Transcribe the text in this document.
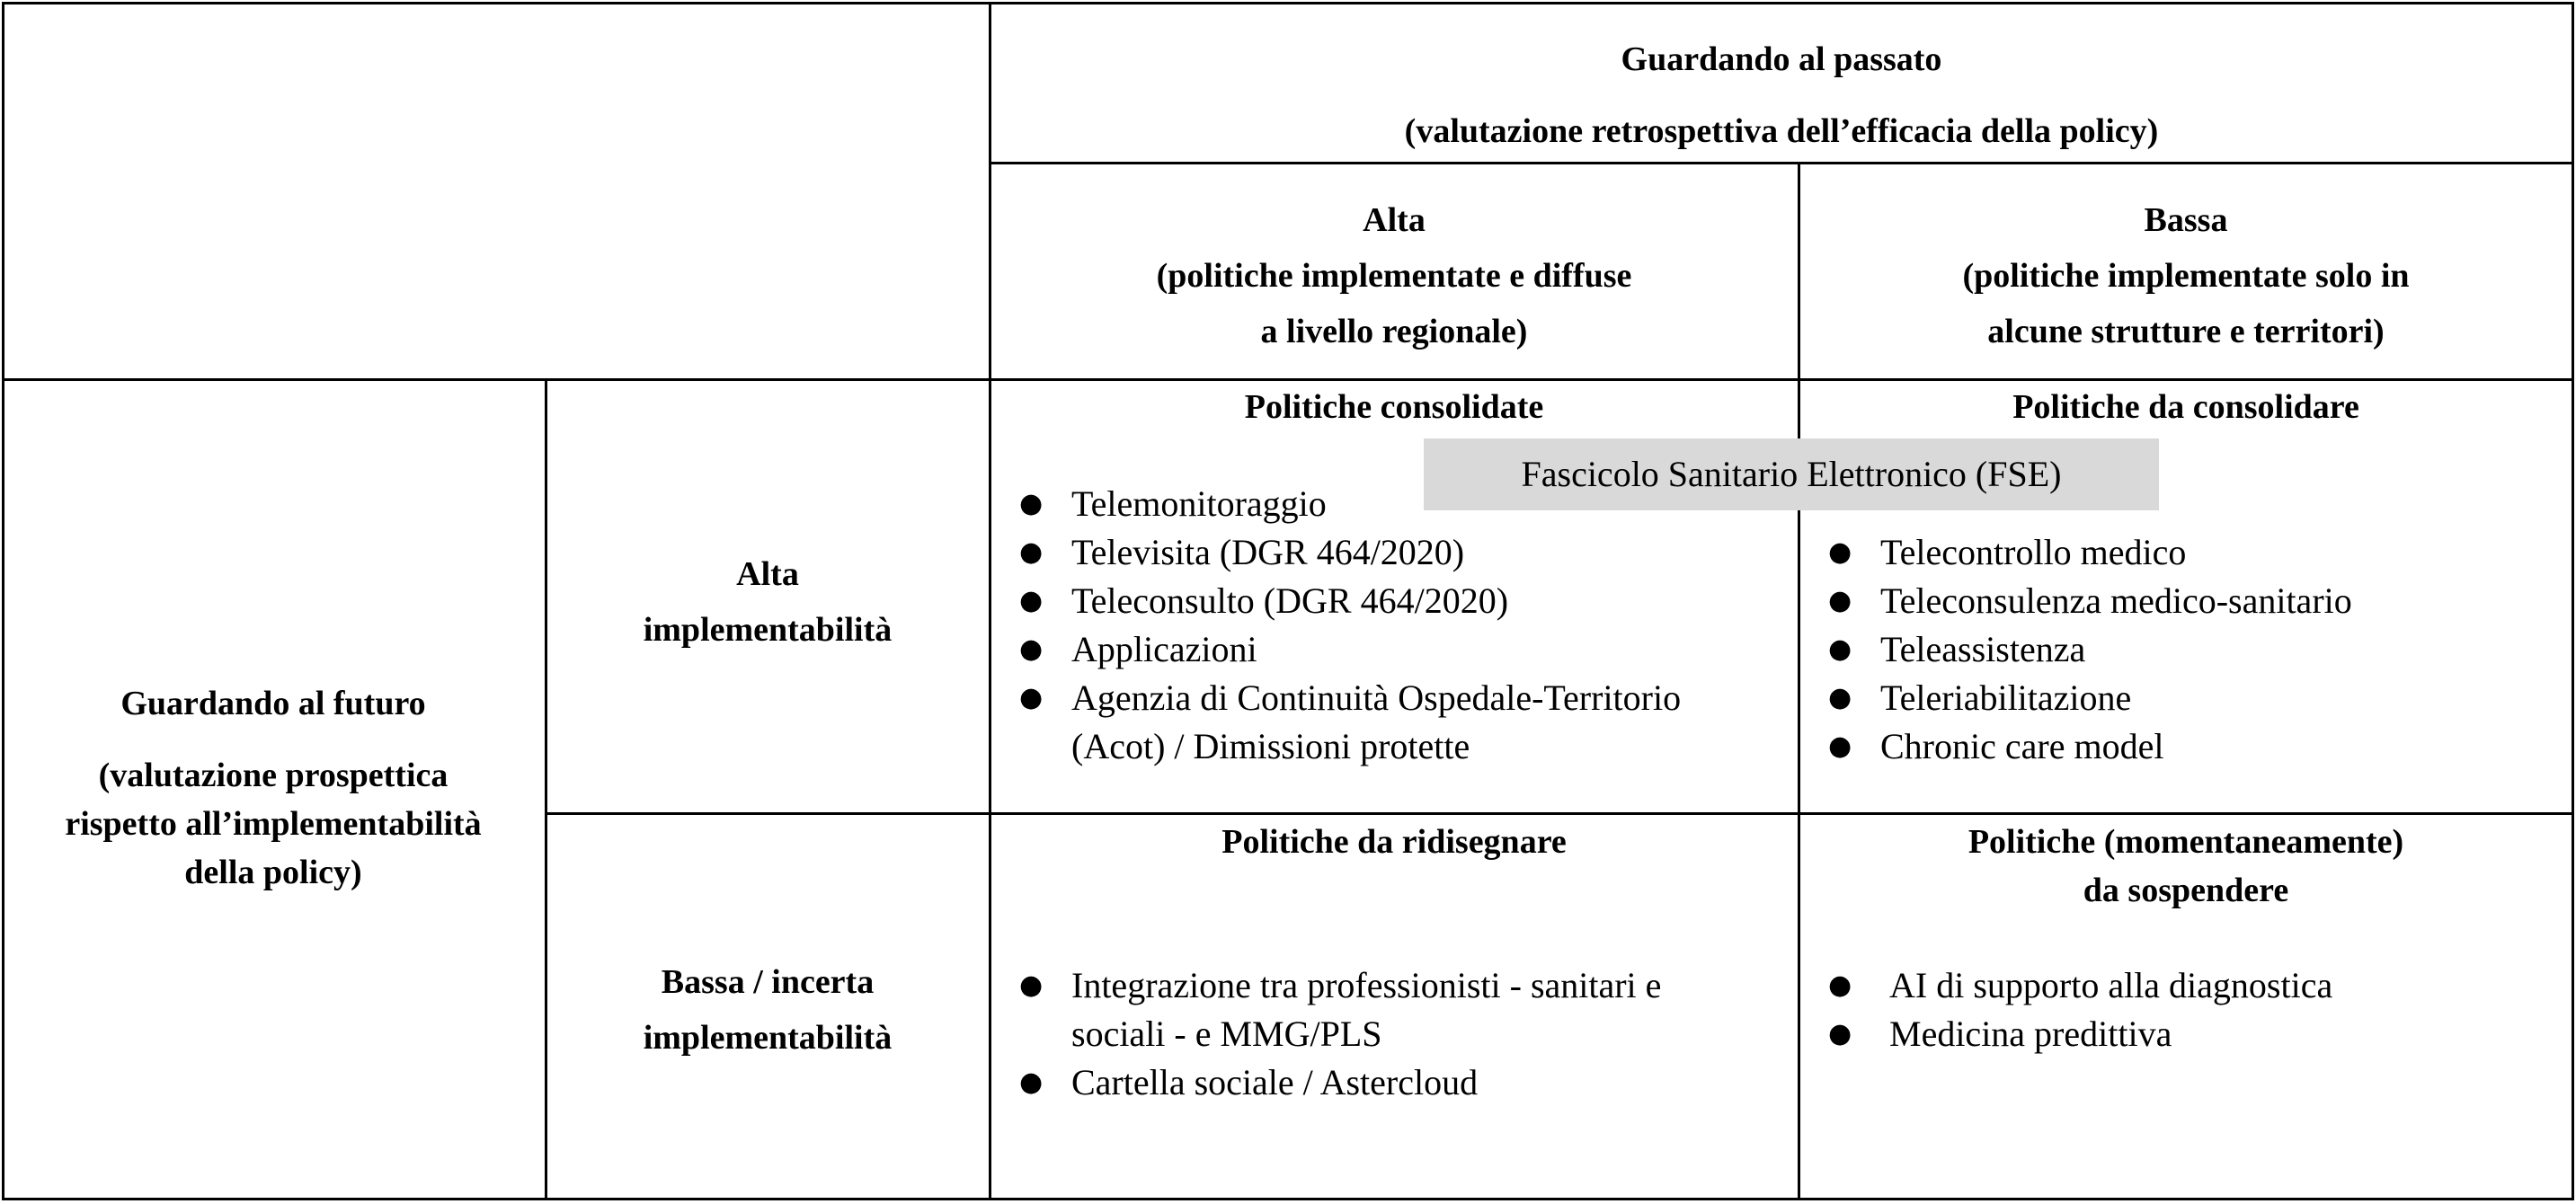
Guardando al passato
(valutazione retrospettiva dell’efficacia della policy)
Alta
(politiche implementate e diffuse
a livello regionale)
Bassa
(politiche implementate solo in
alcune strutture e territori)
Guardando al futuro
(valutazione prospettica
rispetto all’implementabilità
della policy)
Alta
implementabilità
Bassa / incerta
implementabilità
Politiche consolidate
● Telemonitoraggio
● Televisita (DGR 464/2020)
● Teleconsulto (DGR 464/2020)
● Applicazioni
● Agenzia di Continuità Ospedale-Territorio
(Acot) / Dimissioni protette
Politiche da consolidare
● Telecontrollo medico
● Teleconsulenza medico-sanitario
● Teleassistenza
● Teleriabilitazione
● Chronic care model
Fascicolo Sanitario Elettronico (FSE)
Politiche da ridisegnare
● Integrazione tra professionisti - sanitari e
sociali - e MMG/PLS
● Cartella sociale / Astercloud
Politiche (momentaneamente)
da sospendere
● AI di supporto alla diagnostica
● Medicina predittiva
